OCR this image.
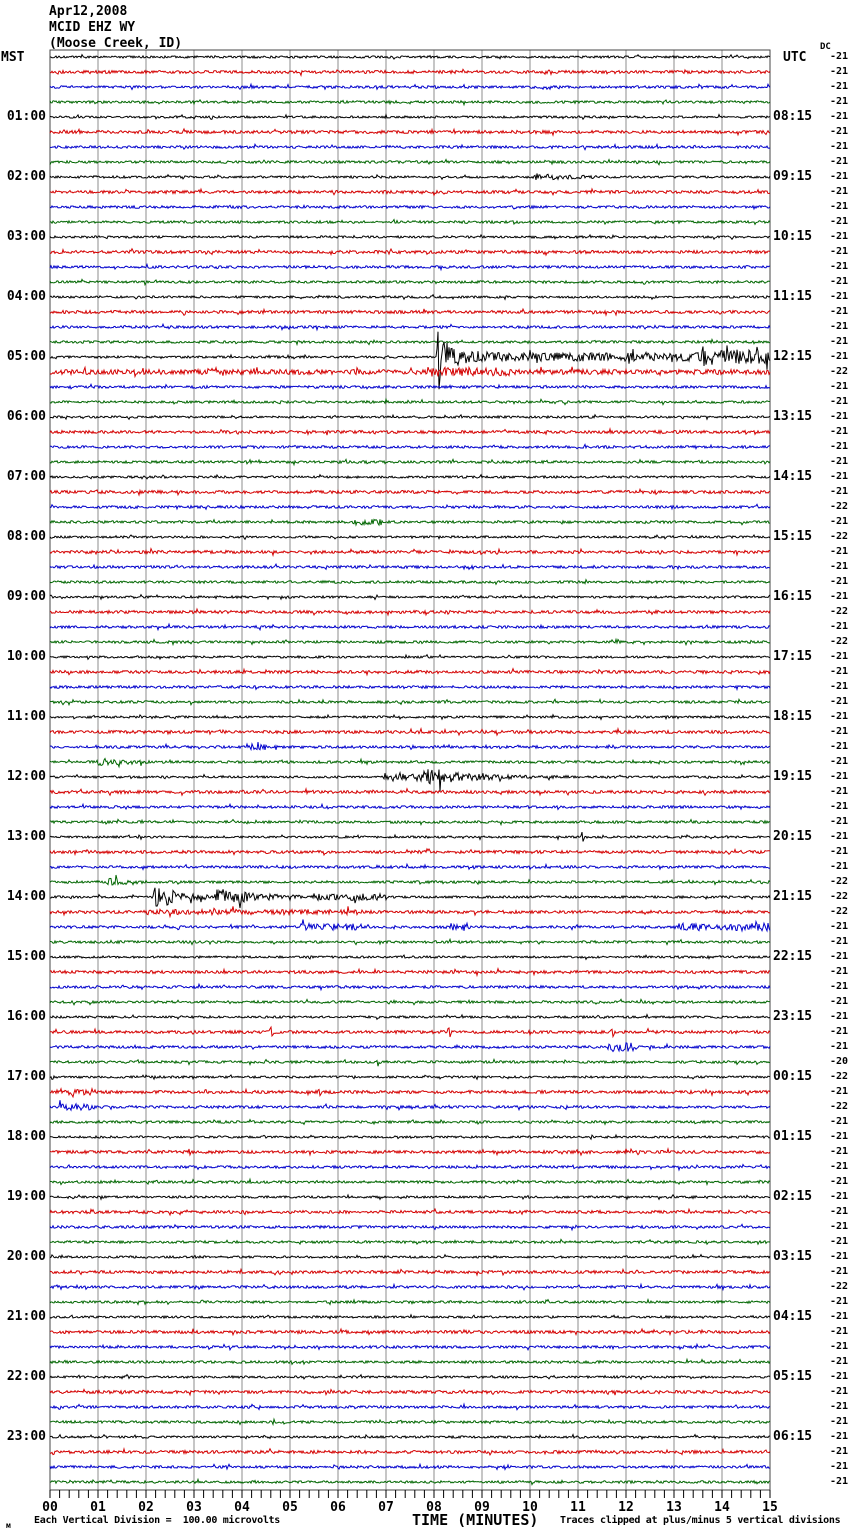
Apr12,2008
MCID EHZ WY
(Moose Creek, ID)
MST	UTC
DC
01:00
02:00
03:00
04:00
05:00
06:00
07:00
08:00
09:00
10:00
11:00
12:00
13:00
14:00
15:00
16:00
17:00
18:00
19:00
20:00
21:00
22:00
23:00
08:15
09:15
10:15
11:15
12:15
13:15
14:15
15:15
16:15
17:15
18:15
19:15
20:15
21:15
22:15
23:15
00:15
01:15
02:15
03:15
04:15
05:15
06:15
-21
-21
-21
-21
-21
-21
-21
-21
-21
-21
-21
-21
-21
-21
-21
-21
-21
-21
-21
-21
-21
-22
-21
-21
-21
-21
-21
-21
-21
-21
-22
-21
-22
-21
-21
-21
-21
-22
-21
-22
-21
-21
-21
-21
-21
-21
-21
-21
-21
-21
-21
-21
-21
-21
-21
-22
-22
-22
-21
-21
-21
-21
-21
-21
-21
-21
-21
-20
-22
-21
-22
-21
-21
-21
-21
-21
-21
-21
-21
-21
-21
-21
-22
-21
-21
-21
-21
-21
-21
-21
-21
-21
-21
-21
-21
-21
00	01	02	03	04	05	06	07	08	09	10	11	12	13	14	15
м Each Vertical Division =  100.00 microvolts	TIME (MINUTES) Traces clipped at plus/minus 5 vertical divisions
